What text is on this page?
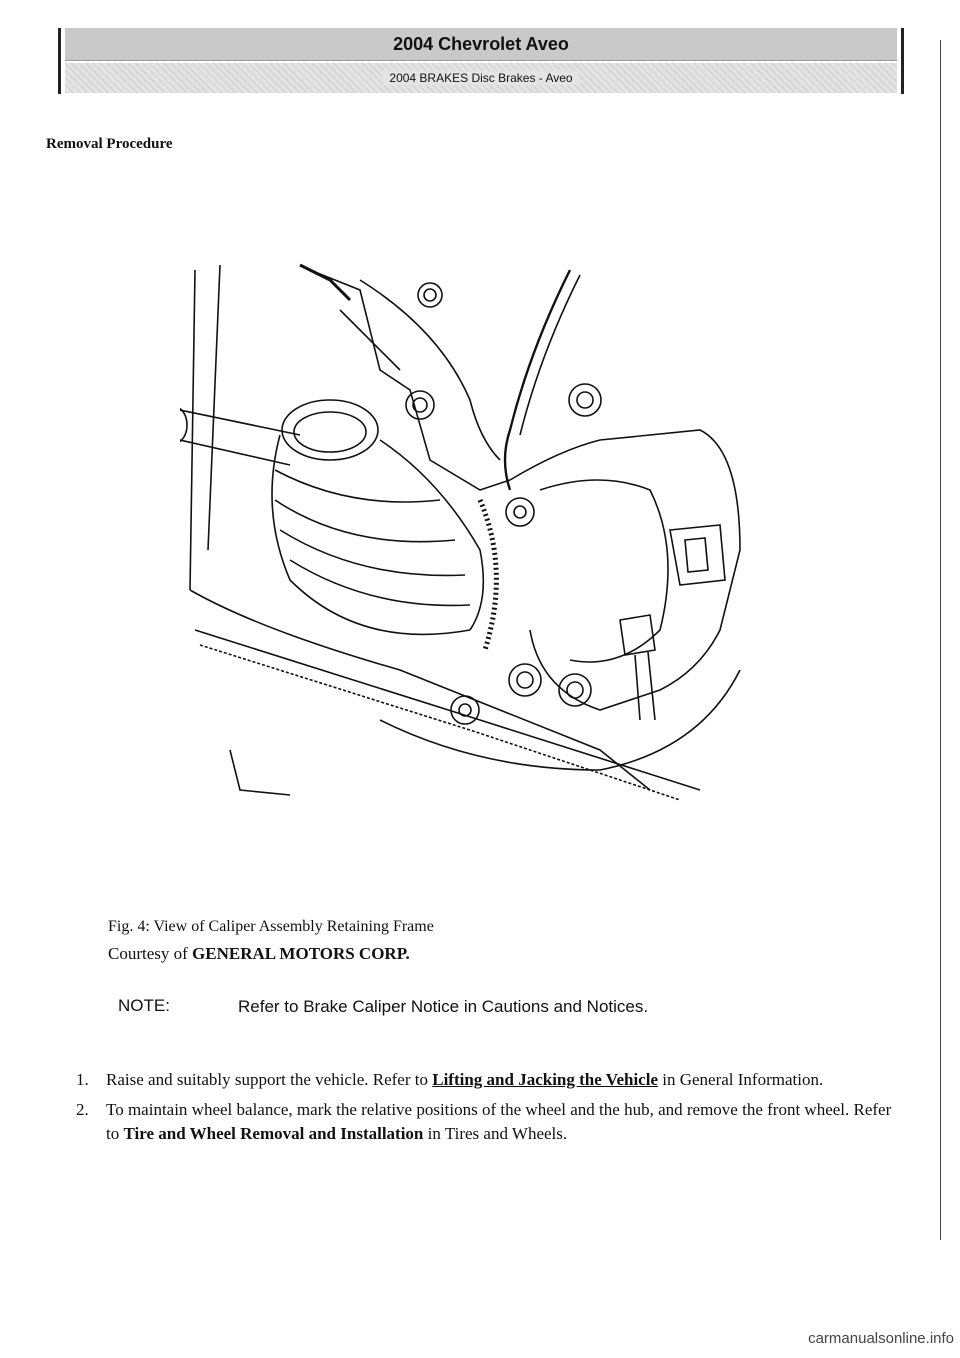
2004 Chevrolet Aveo
2004 BRAKES Disc Brakes - Aveo
Removal Procedure
Fig. 4: View of Caliper Assembly Retaining Frame
Courtesy of GENERAL MOTORS CORP.
NOTE:	Refer to Brake Caliper Notice in Cautions and Notices.
1. Raise and suitably support the vehicle. Refer to Lifting and Jacking the Vehicle in General Information.
2. To maintain wheel balance, mark the relative positions of the wheel and the hub, and remove the front wheel. Refer to Tire and Wheel Removal and Installation in Tires and Wheels.
carmanualsonline.info
